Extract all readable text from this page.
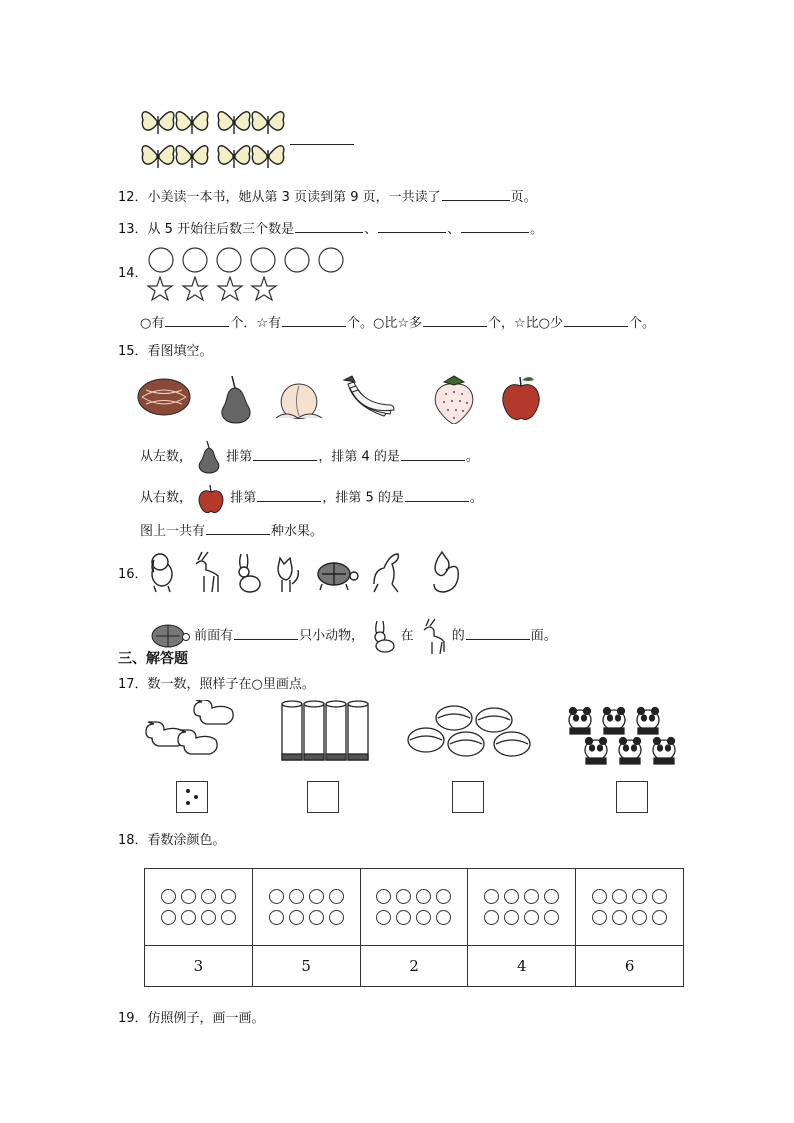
12．小美读一本书，她从第 3 页读到第 9 页，一共读了	页。
13．从 5 开始往后数三个数是	、	、	。
14．
○有	个．☆有	个。○比☆多	个，☆比○少	个。
15．看图填空。
从左数，	排第	，排第 4 的是	。
从右数，	排第	，排第 5 的是	。
图上一共有	种水果。
16．
前面有	只小动物，	在	的	面。
三、解答题
17．数一数，照样子在○里画点。
18．看数涂颜色。

3	5	2	4	6
19．仿照例子，画一画。
